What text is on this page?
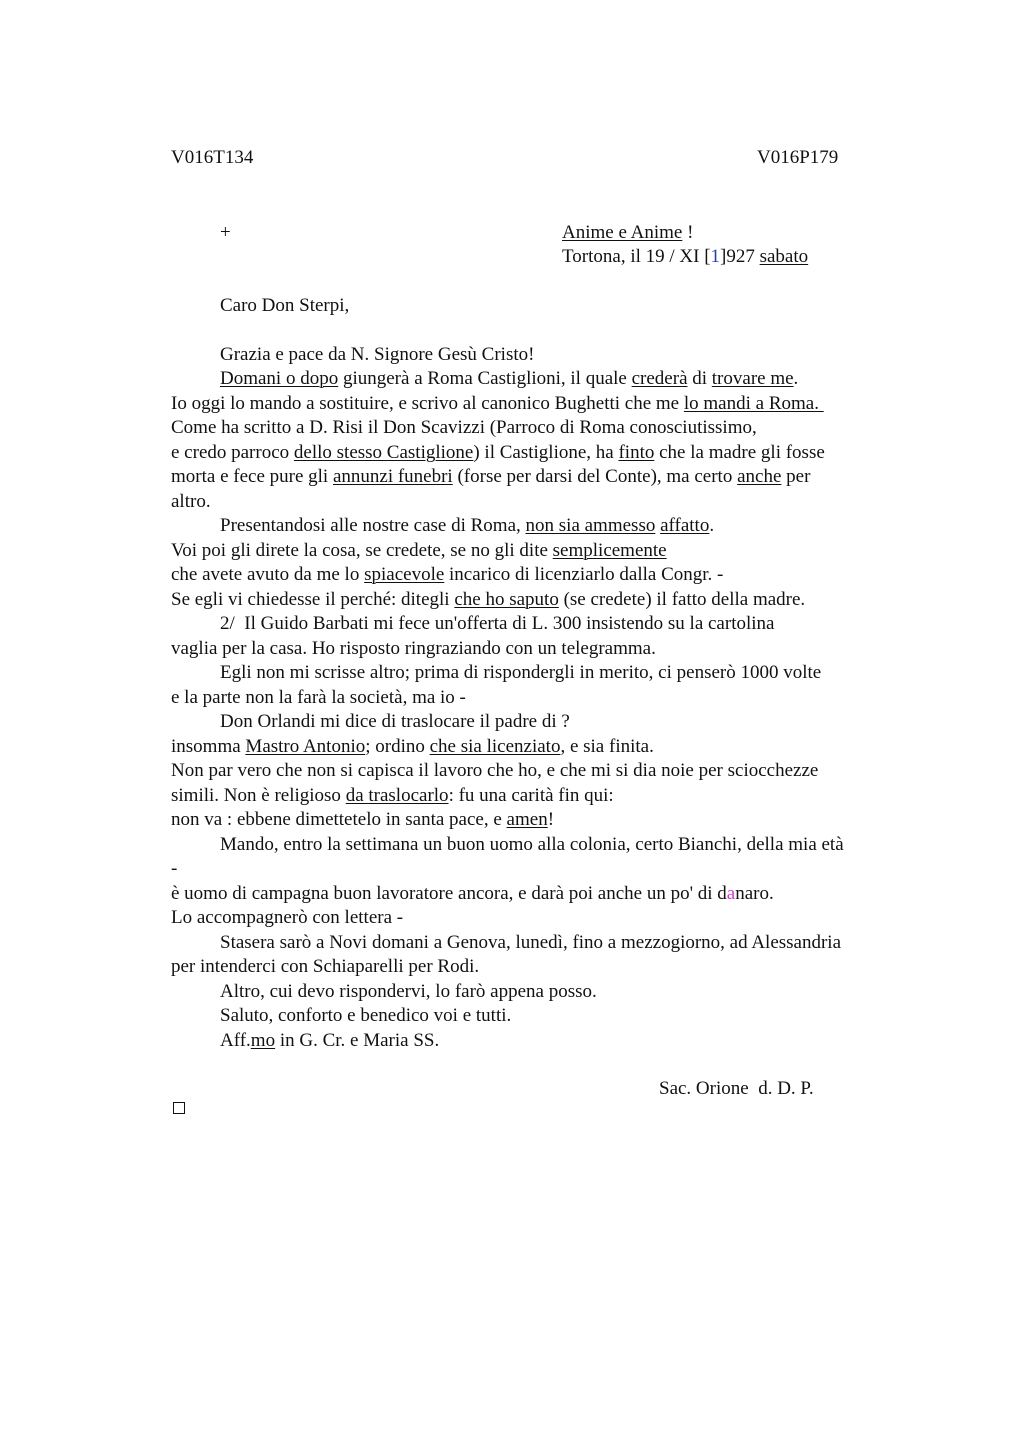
V016T134	V016P179
+	Anime e Anime !
Tortona, il 19 / XI [1]927 sabato
Caro Don Sterpi,
Grazia e pace da N. Signore Gesù Cristo!
Domani o dopo giungerà a Roma Castiglioni, il quale crederà di trovare me.
Io oggi lo mando a sostituire, e scrivo al canonico Bughetti che me lo mandi a Roma.
Come ha scritto a D. Risi il Don Scavizzi (Parroco di Roma conosciutissimo,
e credo parroco dello stesso Castiglione) il Castiglione, ha finto che la madre gli fosse
morta e fece pure gli annunzi funebri (forse per darsi del Conte), ma certo anche per
altro.
Presentandosi alle nostre case di Roma, non sia ammesso affatto.
Voi poi gli direte la cosa, se credete, se no gli dite semplicemente
che avete avuto da me lo spiacevole incarico di licenziarlo dalla Congr. -
Se egli vi chiedesse il perché: ditegli che ho saputo (se credete) il fatto della madre.
2/  Il Guido Barbati mi fece un'offerta di L. 300 insistendo su la cartolina
vaglia per la casa. Ho risposto ringraziando con un telegramma.
Egli non mi scrisse altro; prima di rispondergli in merito, ci penserò 1000 volte
e la parte non la farà la società, ma io -
Don Orlandi mi dice di traslocare il padre di ?
insomma Mastro Antonio; ordino che sia licenziato, e sia finita.
Non par vero che non si capisca il lavoro che ho, e che mi si dia noie per sciocchezze
simili. Non è religioso da traslocarlo: fu una carità fin qui:
non va : ebbene dimettetelo in santa pace, e amen!
Mando, entro la settimana un buon uomo alla colonia, certo Bianchi, della mia età
-
è uomo di campagna buon lavoratore ancora, e darà poi anche un po' di danaro.
Lo accompagnerò con lettera -
Stasera sarò a Novi domani a Genova, lunedì, fino a mezzogiorno, ad Alessandria
per intenderci con Schiaparelli per Rodi.
Altro, cui devo rispondervi, lo farò appena posso.
Saluto, conforto e benedico voi e tutti.
Aff.mo in G. Cr. e Maria SS.
Sac. Orione  d. D. P.
